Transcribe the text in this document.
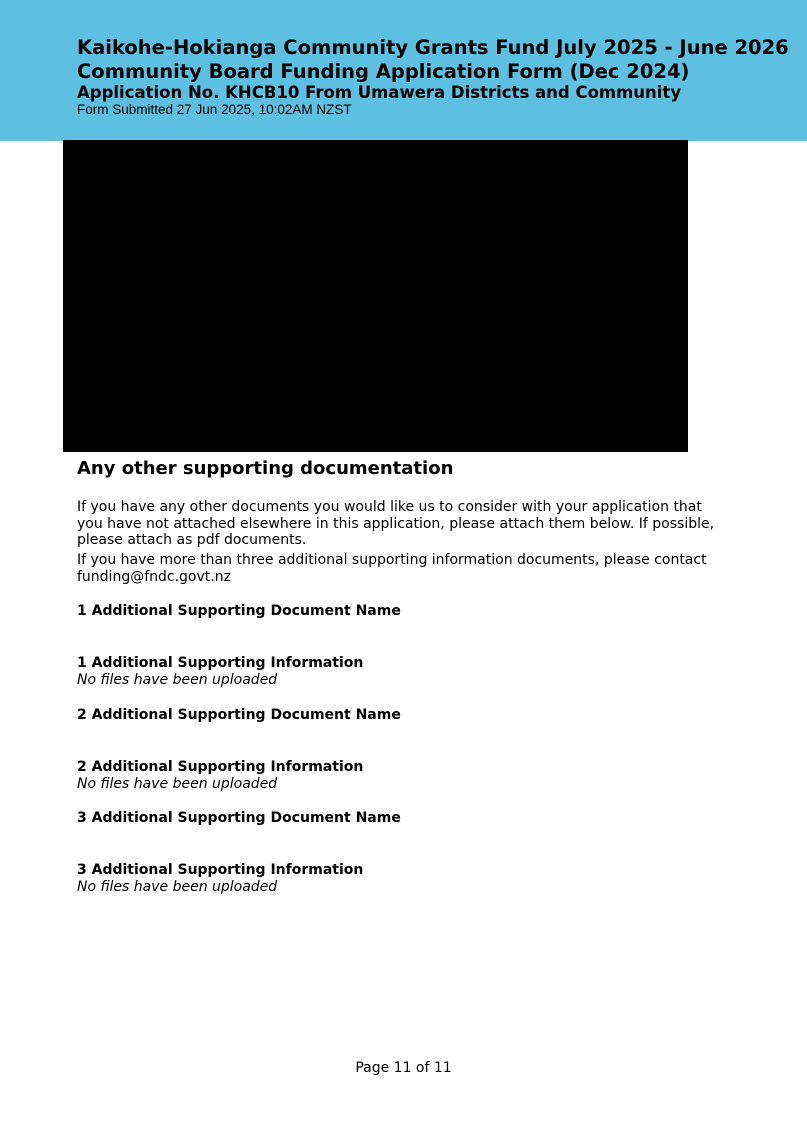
Kaikohe-Hokianga Community Grants Fund July 2025 - June 2026
Community Board Funding Application Form (Dec 2024)
Application No. KHCB10 From Umawera Districts and Community
Form Submitted 27 Jun 2025, 10:02AM NZST
Any other supporting documentation
If you have any other documents you would like us to consider with your application that you have not attached elsewhere in this application, please attach them below. If possible, please attach as pdf documents.
If you have more than three additional supporting information documents, please contact funding@fndc.govt.nz
1 Additional Supporting Document Name
1 Additional Supporting Information
No files have been uploaded
2 Additional Supporting Document Name
2 Additional Supporting Information
No files have been uploaded
3 Additional Supporting Document Name
3 Additional Supporting Information
No files have been uploaded
Page 11 of 11
